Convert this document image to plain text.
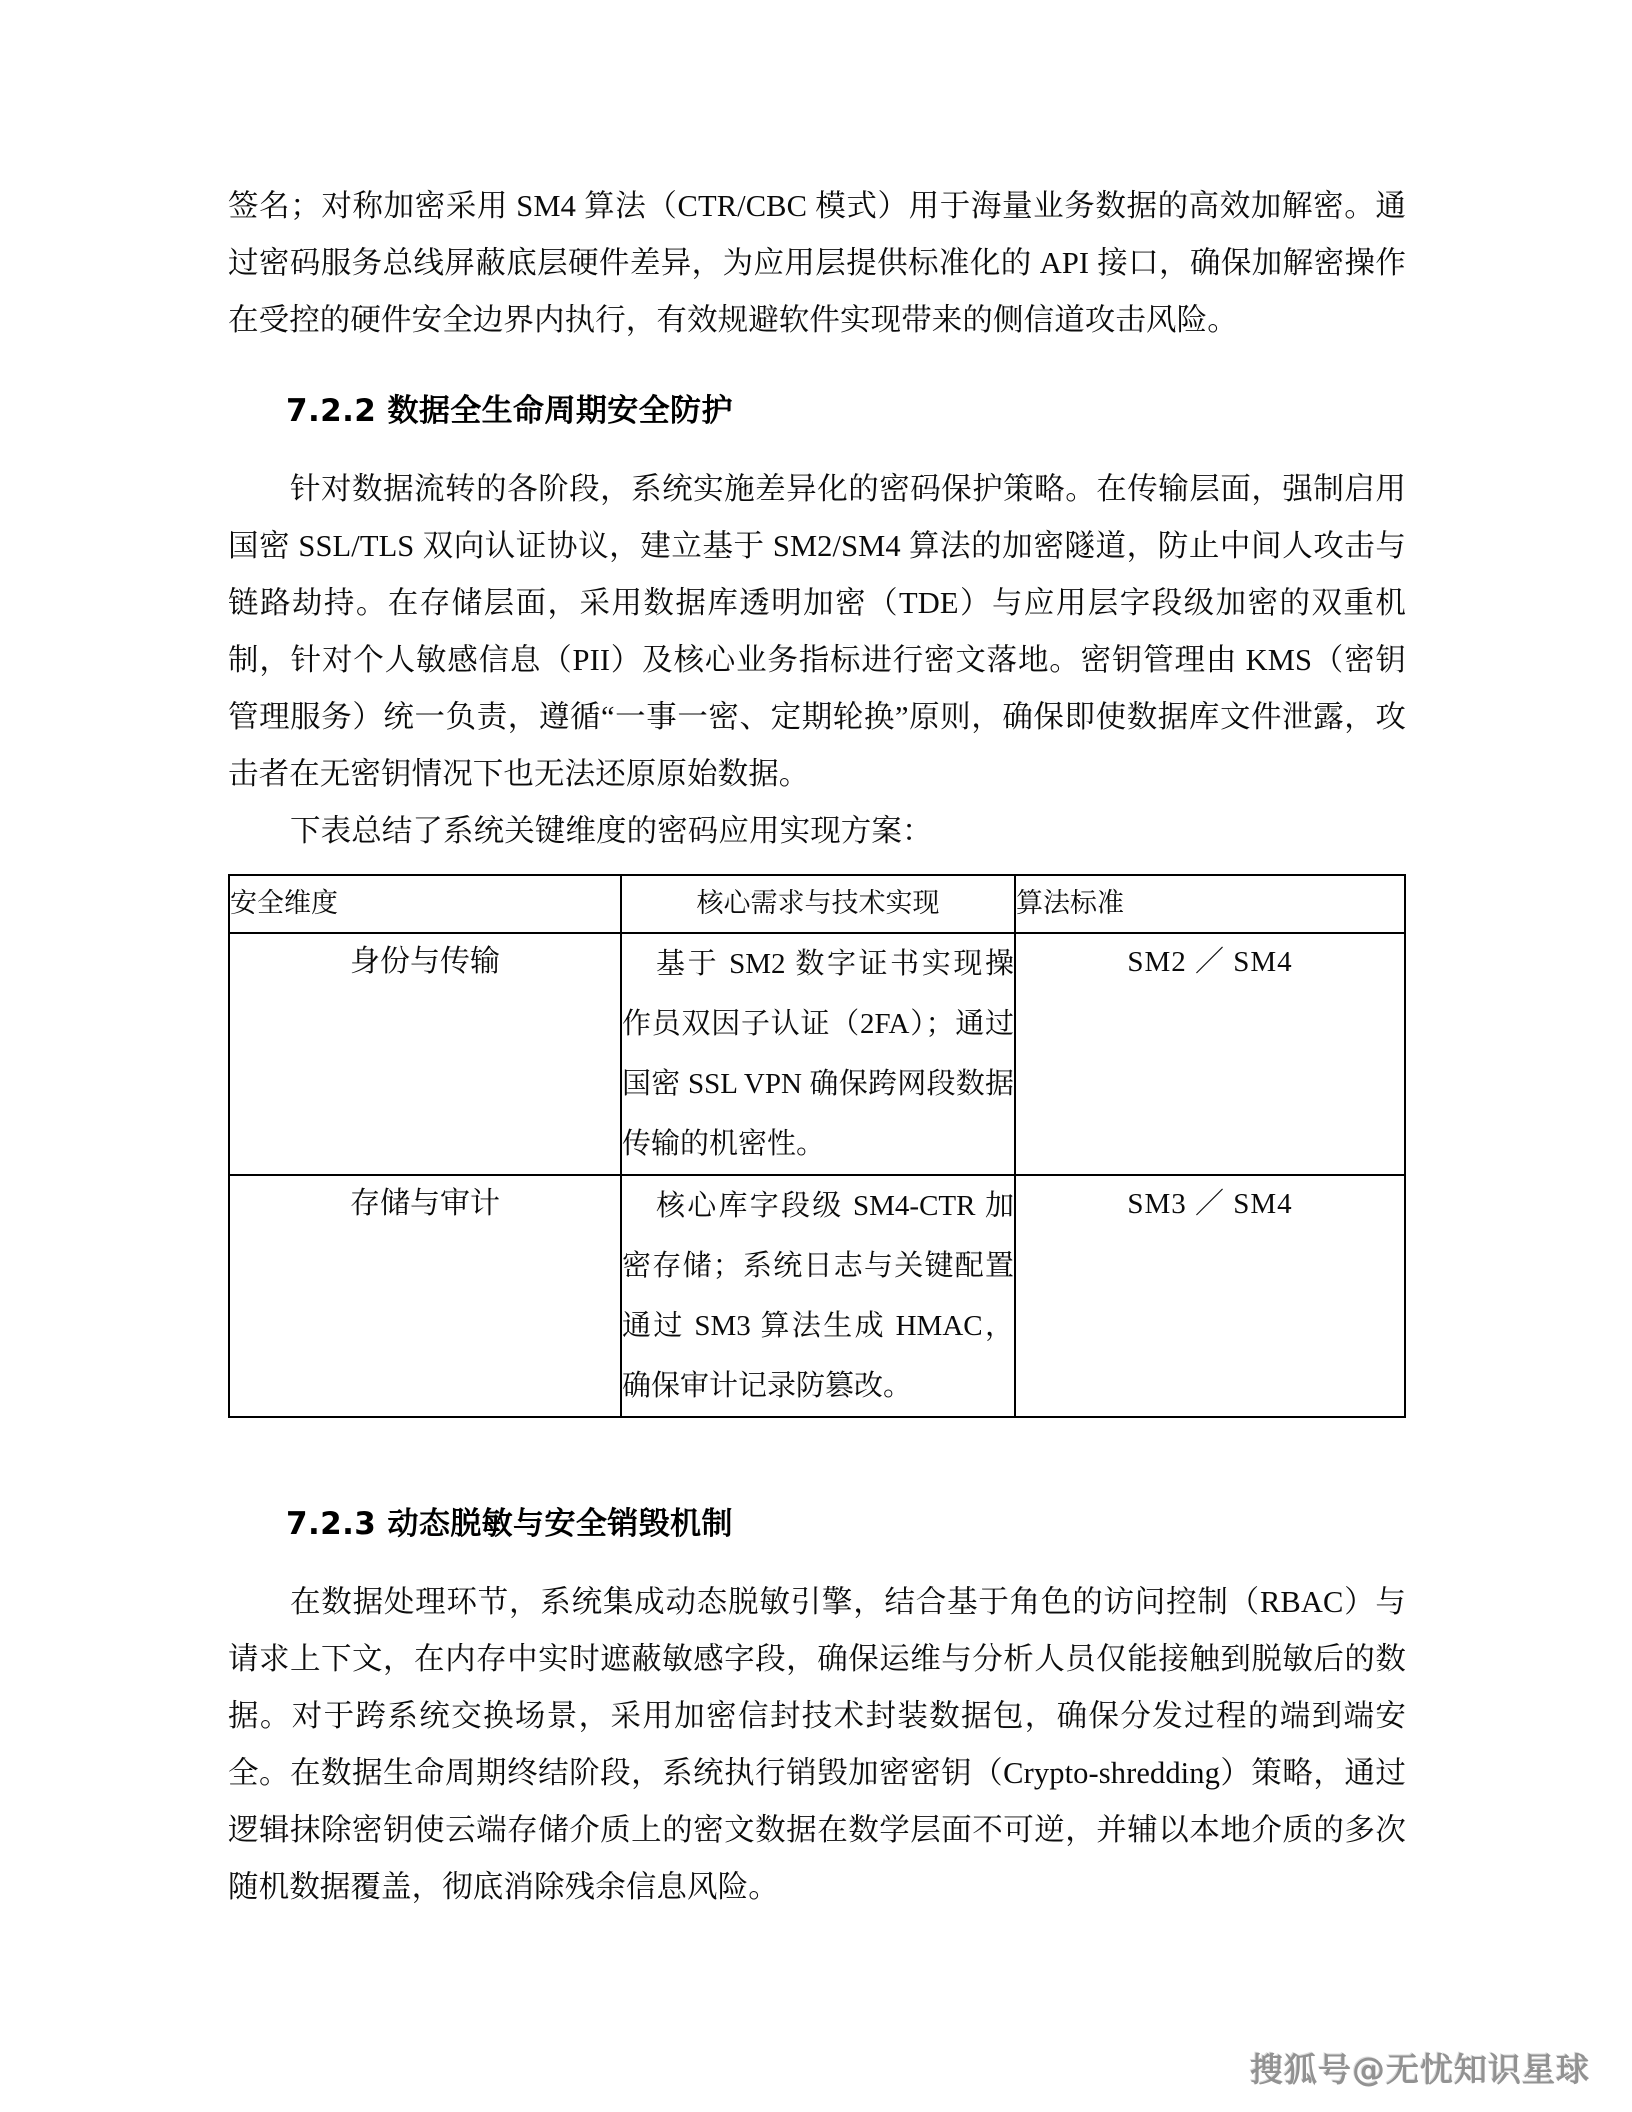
签名；对称加密采用 SM4 算法（CTR/CBC 模式）用于海量业务数据的高效加解密。通过密码服务总线屏蔽底层硬件差异，为应用层提供标准化的 API 接口，确保加解密操作在受控的硬件安全边界内执行，有效规避软件实现带来的侧信道攻击风险。

7.2.2 数据全生命周期安全防护

针对数据流转的各阶段，系统实施差异化的密码保护策略。在传输层面，强制启用国密 SSL/TLS 双向认证协议，建立基于 SM2/SM4 算法的加密隧道，防止中间人攻击与链路劫持。在存储层面，采用数据库透明加密（TDE）与应用层字段级加密的双重机制，针对个人敏感信息（PII）及核心业务指标进行密文落地。密钥管理由 KMS（密钥管理服务）统一负责，遵循“一事一密、定期轮换”原则，确保即使数据库文件泄露，攻击者在无密钥情况下也无法还原原始数据。

下表总结了系统关键维度的密码应用实现方案：

安全维度	核心需求与技术实现	算法标准
身份与传输	基于 SM2 数字证书实现操作员双因子认证（2FA）；通过国密 SSL VPN 确保跨网段数据传输的机密性。	SM2 ／ SM4
存储与审计	核心库字段级 SM4-CTR 加密存储；系统日志与关键配置通过 SM3 算法生成 HMAC，确保审计记录防篡改。	SM3 ／ SM4
7.2.3 动态脱敏与安全销毁机制

在数据处理环节，系统集成动态脱敏引擎，结合基于角色的访问控制（RBAC）与请求上下文，在内存中实时遮蔽敏感字段，确保运维与分析人员仅能接触到脱敏后的数据。对于跨系统交换场景，采用加密信封技术封装数据包，确保分发过程的端到端安全。在数据生命周期终结阶段，系统执行销毁加密密钥（Crypto-shredding）策略，通过逻辑抹除密钥使云端存储介质上的密文数据在数学层面不可逆，并辅以本地介质的多次随机数据覆盖，彻底消除残余信息风险。

搜狐号@无忧知识星球
